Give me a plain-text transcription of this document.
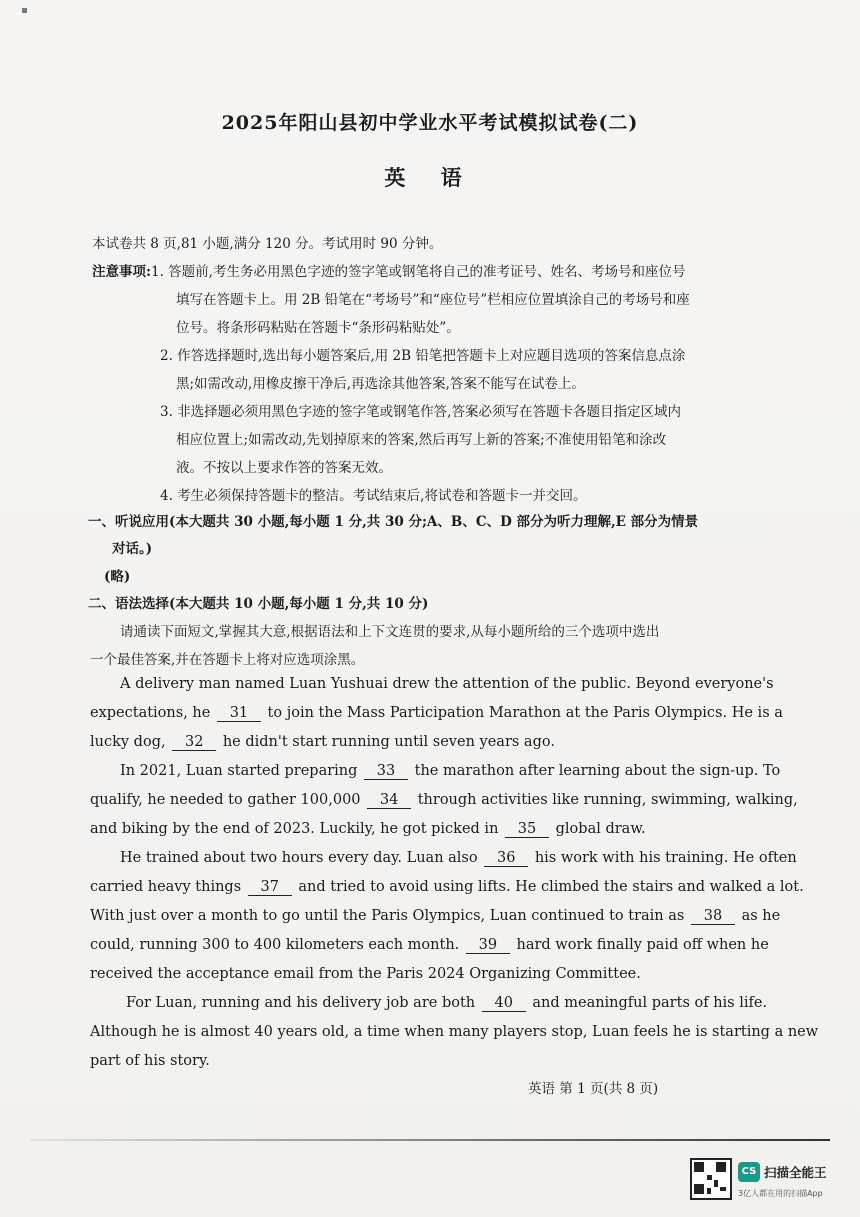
2025年阳山县初中学业水平考试模拟试卷(二)
英 语
本试卷共 8 页,81 小题,满分 120 分。考试用时 90 分钟。
注意事项:1. 答题前,考生务必用黑色字迹的签字笔或钢笔将自己的准考证号、姓名、考场号和座位号
填写在答题卡上。用 2B 铅笔在“考场号”和“座位号”栏相应位置填涂自己的考场号和座
位号。将条形码粘贴在答题卡“条形码粘贴处”。
2. 作答选择题时,选出每小题答案后,用 2B 铅笔把答题卡上对应题目选项的答案信息点涂
黑;如需改动,用橡皮擦干净后,再选涂其他答案,答案不能写在试卷上。
3. 非选择题必须用黑色字迹的签字笔或钢笔作答,答案必须写在答题卡各题目指定区域内
相应位置上;如需改动,先划掉原来的答案,然后再写上新的答案;不准使用铅笔和涂改
液。不按以上要求作答的答案无效。
4. 考生必须保持答题卡的整洁。考试结束后,将试卷和答题卡一并交回。
一、听说应用(本大题共 30 小题,每小题 1 分,共 30 分;A、B、C、D 部分为听力理解,E 部分为情景
对话。)
(略)
二、语法选择(本大题共 10 小题,每小题 1 分,共 10 分)
请通读下面短文,掌握其大意,根据语法和上下文连贯的要求,从每小题所给的三个选项中选出
一个最佳答案,并在答题卡上将对应选项涂黑。
A delivery man named Luan Yushuai drew the attention of the public. Beyond everyone's
expectations, he 31 to join the Mass Participation Marathon at the Paris Olympics. He is a
lucky dog, 32 he didn't start running until seven years ago.
In 2021, Luan started preparing 33 the marathon after learning about the sign-up. To
qualify, he needed to gather 100,000 34 through activities like running, swimming, walking,
and biking by the end of 2023. Luckily, he got picked in 35 global draw.
He trained about two hours every day. Luan also 36 his work with his training. He often
carried heavy things 37 and tried to avoid using lifts. He climbed the stairs and walked a lot.
With just over a month to go until the Paris Olympics, Luan continued to train as 38 as he
could, running 300 to 400 kilometers each month. 39 hard work finally paid off when he
received the acceptance email from the Paris 2024 Organizing Committee.
For Luan, running and his delivery job are both 40 and meaningful parts of his life.
Although he is almost 40 years old, a time when many players stop, Luan feels he is starting a new
part of his story.
英语 第 1 页(共 8 页)
CS 扫描全能王
3亿人都在用的扫描App
